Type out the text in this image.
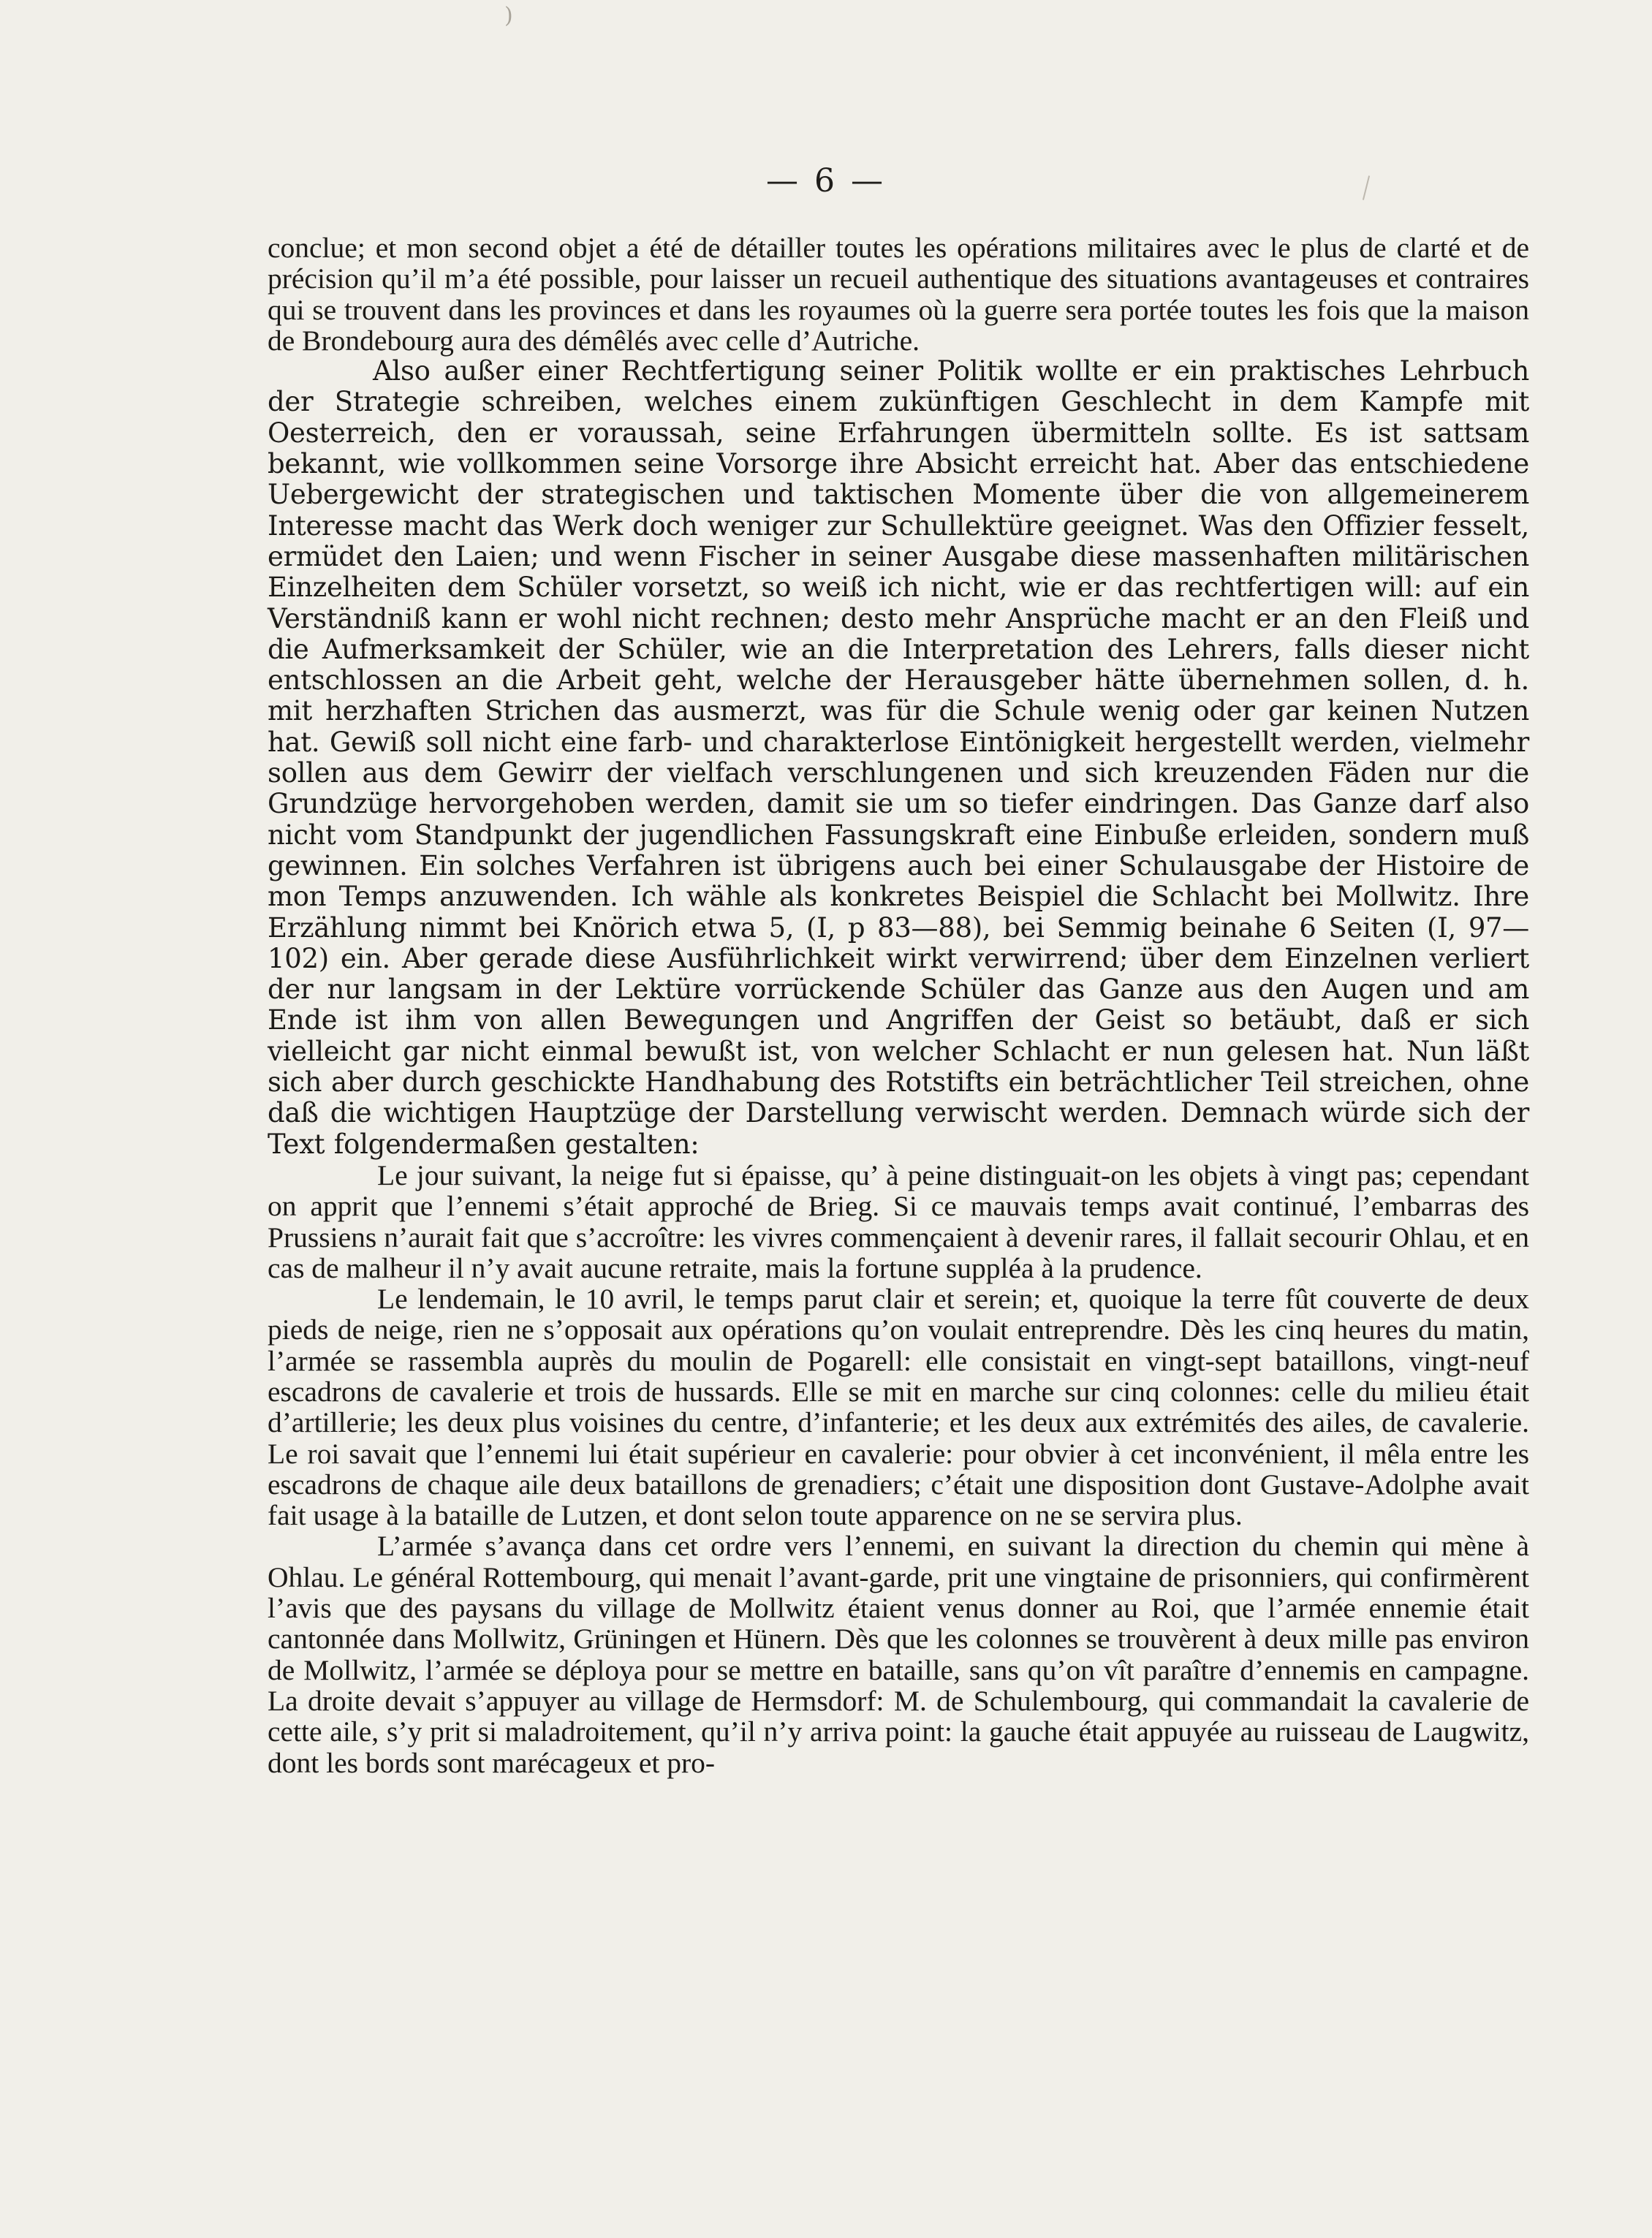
)
— 6 —

conclue; et mon second objet a été de détailler toutes les opérations militaires avec le plus de clarté et de précision qu’il m’a été possible, pour laisser un recueil authentique des situations avantageuses et contraires qui se trouvent dans les provinces et dans les royaumes où la guerre sera portée toutes les fois que la maison de Brondebourg aura des démêlés avec celle d’Autriche.

Also außer einer Rechtfertigung seiner Politik wollte er ein praktisches Lehrbuch der Strategie schreiben, welches einem zukünftigen Geschlecht in dem Kampfe mit Oesterreich, den er voraussah, seine Erfahrungen übermitteln sollte. Es ist sattsam bekannt, wie vollkommen seine Vorsorge ihre Absicht erreicht hat. Aber das entschiedene Uebergewicht der strategischen und taktischen Momente über die von allgemeinerem Interesse macht das Werk doch weniger zur Schullektüre geeignet. Was den Offizier fesselt, ermüdet den Laien; und wenn Fischer in seiner Ausgabe diese massenhaften militärischen Einzelheiten dem Schüler vorsetzt, so weiß ich nicht, wie er das rechtfertigen will: auf ein Verständniß kann er wohl nicht rechnen; desto mehr Ansprüche macht er an den Fleiß und die Aufmerksamkeit der Schüler, wie an die Interpretation des Lehrers, falls dieser nicht entschlossen an die Arbeit geht, welche der Herausgeber hätte übernehmen sollen, d. h. mit herzhaften Strichen das ausmerzt, was für die Schule wenig oder gar keinen Nutzen hat. Gewiß soll nicht eine farb- und charakterlose Eintönigkeit hergestellt werden, vielmehr sollen aus dem Gewirr der vielfach verschlungenen und sich kreuzenden Fäden nur die Grundzüge hervorgehoben werden, damit sie um so tiefer eindringen. Das Ganze darf also nicht vom Standpunkt der jugendlichen Fassungskraft eine Einbuße erleiden, sondern muß gewinnen. Ein solches Verfahren ist übrigens auch bei einer Schulausgabe der Histoire de mon Temps anzuwenden. Ich wähle als konkretes Beispiel die Schlacht bei Mollwitz. Ihre Erzählung nimmt bei Knörich etwa 5, (I, p 83—88), bei Semmig beinahe 6 Seiten (I, 97—102) ein. Aber gerade diese Ausführlichkeit wirkt verwirrend; über dem Einzelnen verliert der nur langsam in der Lektüre vorrückende Schüler das Ganze aus den Augen und am Ende ist ihm von allen Bewegungen und Angriffen der Geist so betäubt, daß er sich vielleicht gar nicht einmal bewußt ist, von welcher Schlacht er nun gelesen hat. Nun läßt sich aber durch geschickte Handhabung des Rotstifts ein beträchtlicher Teil streichen, ohne daß die wichtigen Hauptzüge der Darstellung verwischt werden. Demnach würde sich der Text folgendermaßen gestalten:

Le jour suivant, la neige fut si épaisse, qu’ à peine distinguait-on les objets à vingt pas; cependant on apprit que l’ennemi s’était approché de Brieg. Si ce mauvais temps avait continué, l’embarras des Prussiens n’aurait fait que s’accroître: les vivres commençaient à devenir rares, il fallait secourir Ohlau, et en cas de malheur il n’y avait aucune retraite, mais la fortune suppléa à la prudence.

Le lendemain, le 10 avril, le temps parut clair et serein; et, quoique la terre fût couverte de deux pieds de neige, rien ne s’opposait aux opérations qu’on voulait entreprendre. Dès les cinq heures du matin, l’armée se rassembla auprès du moulin de Pogarell: elle consistait en vingt-sept bataillons, vingt-neuf escadrons de cavalerie et trois de hussards. Elle se mit en marche sur cinq colonnes: celle du milieu était d’artillerie; les deux plus voisines du centre, d’infanterie; et les deux aux extrémités des ailes, de cavalerie. Le roi savait que l’ennemi lui était supérieur en cavalerie: pour obvier à cet inconvénient, il mêla entre les escadrons de chaque aile deux bataillons de grenadiers; c’était une disposition dont Gustave-Adolphe avait fait usage à la bataille de Lutzen, et dont selon toute apparence on ne se servira plus.

L’armée s’avança dans cet ordre vers l’ennemi, en suivant la direction du chemin qui mène à Ohlau. Le général Rottembourg, qui menait l’avant-garde, prit une vingtaine de prisonniers, qui confirmèrent l’avis que des paysans du village de Mollwitz étaient venus donner au Roi, que l’armée ennemie était cantonnée dans Mollwitz, Grüningen et Hünern. Dès que les colonnes se trouvèrent à deux mille pas environ de Mollwitz, l’armée se déploya pour se mettre en bataille, sans qu’on vît paraître d’ennemis en campagne. La droite devait s’appuyer au village de Hermsdorf: M. de Schulembourg, qui commandait la cavalerie de cette aile, s’y prit si maladroitement, qu’il n’y arriva point: la gauche était appuyée au ruisseau de Laugwitz, dont les bords sont marécageux et pro-
